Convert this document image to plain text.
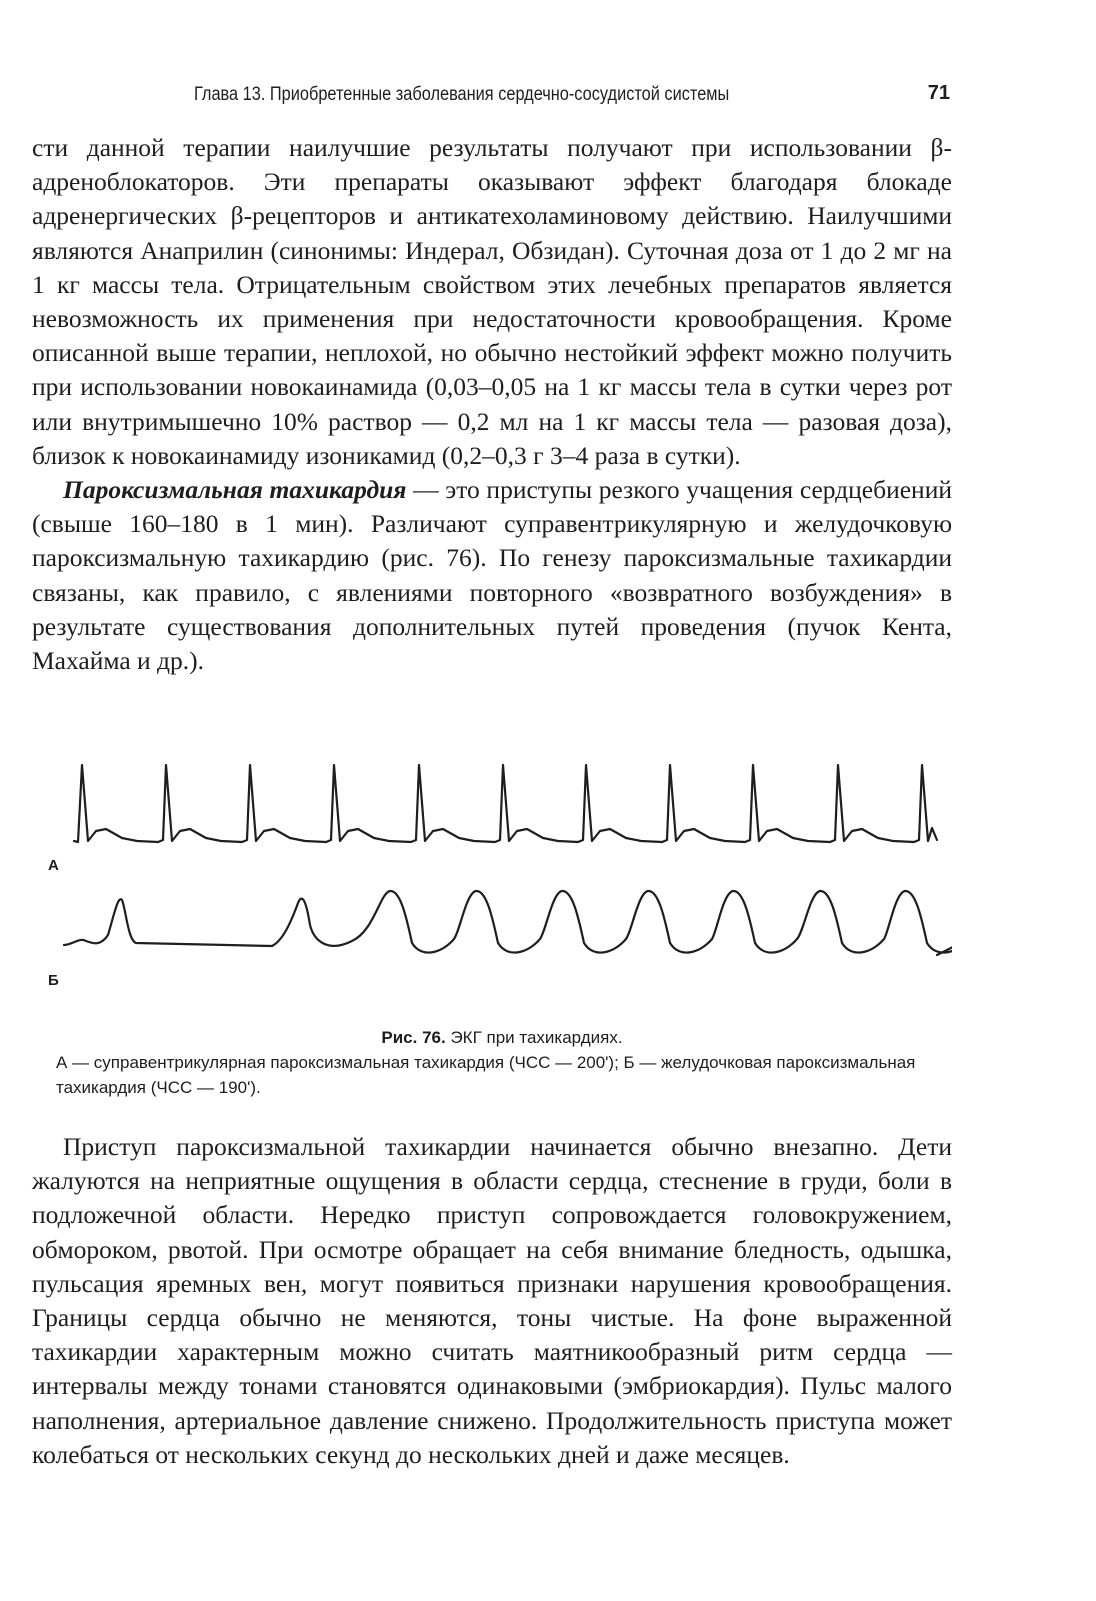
Глава 13. Приобретенные заболевания сердечно-сосудистой системы	71

сти данной терапии наилучшие результаты получают при использовании β-адреноблокаторов. Эти препараты оказывают эффект благодаря блокаде адренергических β-рецепторов и антикатехоламиновому действию. Наилучшими являются Анаприлин (синонимы: Индерал, Обзидан). Суточная доза от 1 до 2 мг на 1 кг массы тела. Отрицательным свойством этих лечебных препаратов является невозможность их применения при недостаточности кровообращения. Кроме описанной выше терапии, неплохой, но обычно нестойкий эффект можно получить при использовании новокаинамида (0,03–0,05 на 1 кг массы тела в сутки через рот или внутримышечно 10% раствор — 0,2 мл на 1 кг массы тела — разовая доза), близок к новокаинамиду изоникамид (0,2–0,3 г 3–4 раза в сутки).

Пароксизмальная тахикардия — это приступы резкого учащения сердцебиений (свыше 160–180 в 1 мин). Различают суправентрикулярную и желудочковую пароксизмальную тахикардию (рис. 76). По генезу пароксизмальные тахикардии связаны, как правило, с явлениями повторного «возвратного возбуждения» в результате существования дополнительных путей проведения (пучок Кента, Махайма и др.).

А
Б
Рис. 76. ЭКГ при тахикардиях.
А — суправентрикулярная пароксизмальная тахикардия (ЧСС — 200'); Б — желудочковая пароксизмальная тахикардия (ЧСС — 190').

Приступ пароксизмальной тахикардии начинается обычно внезапно. Дети жалуются на неприятные ощущения в области сердца, стеснение в груди, боли в подложечной области. Нередко приступ сопровождается головокружением, обмороком, рвотой. При осмотре обращает на себя внимание бледность, одышка, пульсация яремных вен, могут появиться признаки нарушения кровообращения. Границы сердца обычно не меняются, тоны чистые. На фоне выраженной тахикардии характерным можно считать маятникообразный ритм сердца — интервалы между тонами становятся одинаковыми (эмбриокардия). Пульс малого наполнения, артериальное давление снижено. Продолжительность приступа может колебаться от нескольких секунд до нескольких дней и даже месяцев.
